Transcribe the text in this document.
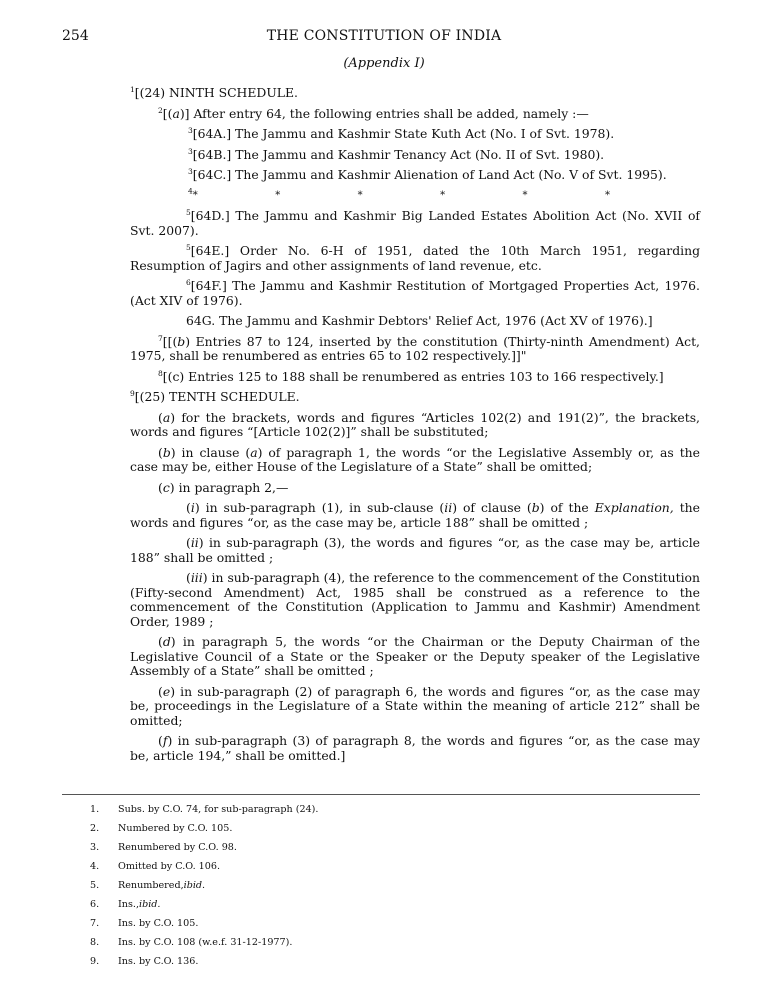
254	THE CONSTITUTION OF INDIA
(Appendix I)

$^1$[(24) NINTH SCHEDULE.

$^2$[(a)] After entry 64, the following entries shall be added, namely :—

$^3$[64A.] The Jammu and Kashmir State Kuth Act (No. I of Svt. 1978).

$^3$[64B.] The Jammu and Kashmir Tenancy Act (No. II of Svt. 1980).

$^3$[64C.] The Jammu and Kashmir Alienation of Land Act (No. V of Svt. 1995).

$^4$*	*	*	*	*	*

$^5$[64D.] The Jammu and Kashmir Big Landed Estates Abolition Act (No. XVII of Svt. 2007).

$^5$[64E.] Order No. 6-H of 1951, dated the 10th March 1951, regarding Resumption of Jagirs and other assignments of land revenue, etc.

$^6$[64F.] The Jammu and Kashmir Restitution of Mortgaged Properties Act, 1976. (Act XIV of 1976).

64G. The Jammu and Kashmir Debtors' Relief Act, 1976 (Act XV of 1976).]

$^7$[[(b) Entries 87 to 124, inserted by the constitution (Thirty-ninth Amendment) Act, 1975, shall be renumbered as entries 65 to 102 respectively.]]"

$^8$[(c) Entries 125 to 188 shall be renumbered as entries 103 to 166 respectively.]

$^9$[(25) TENTH SCHEDULE.

(a) for the brackets, words and figures “Articles 102(2) and 191(2)”, the brackets, words and figures “[Article 102(2)]” shall be substituted;

(b) in clause (a) of paragraph 1, the words “or the Legislative Assembly or, as the case may be, either House of the Legislature of a State” shall be omitted;

(c) in paragraph 2,—

(i) in sub-paragraph (1), in sub-clause (ii) of clause (b) of the Explanation, the words and figures “or, as the case may be, article 188” shall be omitted ;

(ii) in sub-paragraph (3), the words and figures “or, as the case may be, article 188” shall be omitted ;

(iii) in sub-paragraph (4), the reference to the commencement of the Constitution (Fifty-second Amendment) Act, 1985 shall be construed as a reference to the commencement of the Constitution (Application to Jammu and Kashmir) Amendment Order, 1989 ;

(d) in paragraph 5, the words “or the Chairman or the Deputy Chairman of the Legislative Council of a State or the Speaker or the Deputy speaker of the Legislative Assembly of a State” shall be omitted ;

(e) in sub-paragraph (2) of paragraph 6, the words and figures “or, as the case may be, proceedings in the Legislature of a State within the meaning of article 212” shall be omitted;

(f) in sub-paragraph (3) of paragraph 8, the words and figures “or, as the case may be, article 194,” shall be omitted.]

1.	Subs. by C.O. 74, for sub-paragraph (24).
2.	Numbered by C.O. 105.
3.	Renumbered by C.O. 98.
4.	Omitted by C.O. 106.
5.	Renumbered, ibid.
6.	Ins., ibid.
7.	Ins. by C.O. 105.
8.	Ins. by C.O. 108 (w.e.f. 31-12-1977).
9.	Ins. by C.O. 136.
